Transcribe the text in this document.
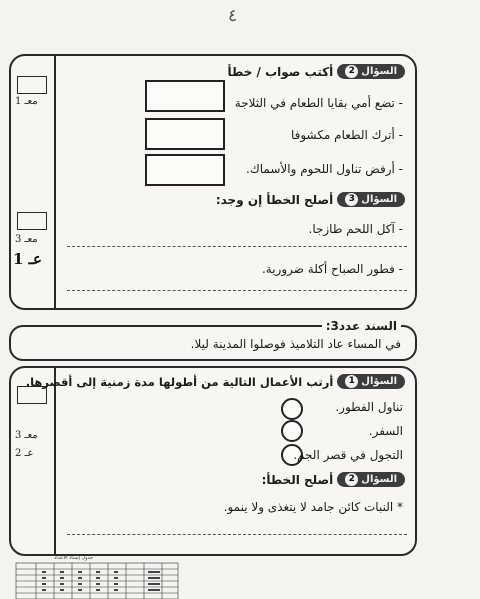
٤
معـ 1
معـ 3
عـ 1
السؤال
2
أكتب صواب / خطأ
- تضع أمي بقايا الطعام في الثلاجة
- أترك الطعام مكشوفا
- أرفض تناول اللحوم والأسماك.
السؤال
3
أصلح الخطأ إن وجد:
- آكل اللحم طازجا.
- فطور الصباح أكلة ضرورية.
السند عدد3:
في المساء عاد التلاميذ فوصلوا المدينة ليلا.
معـ 3
عـ 2
السؤال
1
أرتب الأعمال التالية من أطولها مدة زمنية إلى أقصرها.
تناول الفطور.
السفر.
التجول في قصر الجم.
السؤال
2
أصلح الخطأ:
* النبات كائن جامد لا يتغذى ولا ينمو.
جدول إسناد الأعداد
